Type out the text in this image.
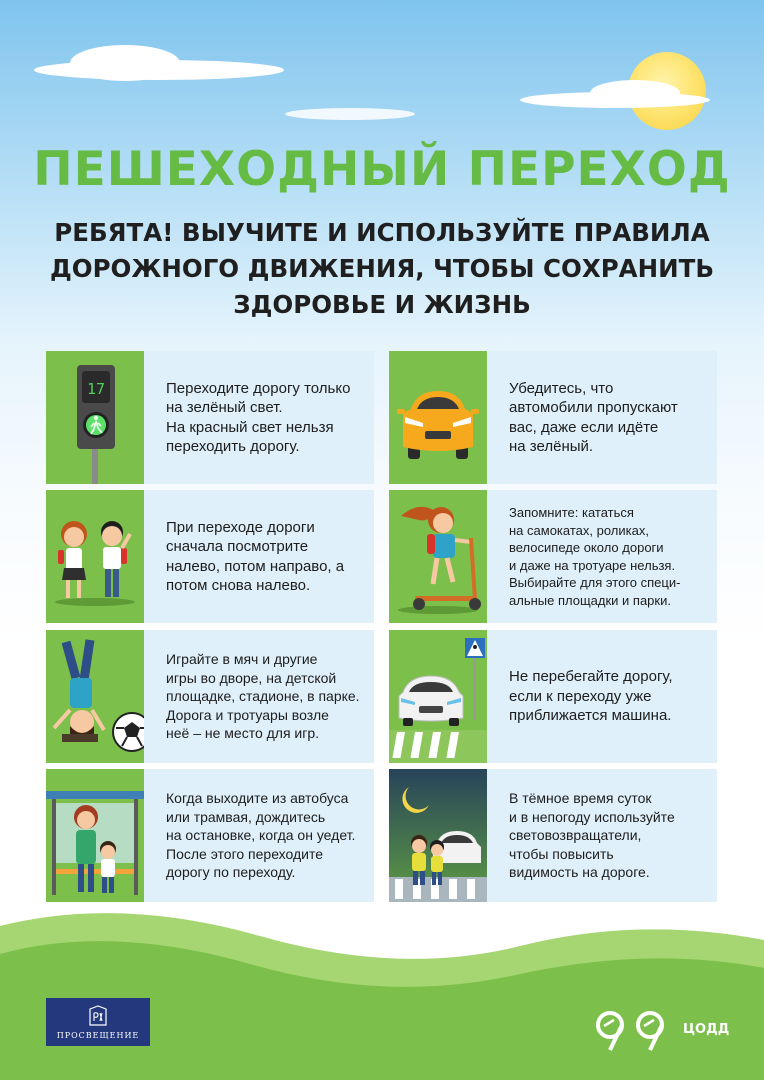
ПЕШЕХОДНЫЙ ПЕРЕХОД
РЕБЯТА! ВЫУЧИТЕ И ИСПОЛЬЗУЙТЕ ПРАВИЛА
ДОРОЖНОГО ДВИЖЕНИЯ, ЧТОБЫ СОХРАНИТЬ
ЗДОРОВЬЕ И ЖИЗНЬ
17	Переходите дорогу только
на зелёный свет.
На красный свет нельзя
переходить дорогу.
Убедитесь, что
автомобили пропускают
вас, даже если идёте
на зелёный.
При переходе дороги
сначала посмотрите
налево, потом направо, а
потом снова налево.
Запомните: кататься
на самокатах, роликах,
велосипеде около дороги
и даже на тротуаре нельзя.
Выбирайте для этого специ-
альные площадки и парки.
Играйте в мяч и другие
игры во дворе, на детской
площадке, стадионе, в парке.
Дорога и тротуары возле
неё – не место для игр.
Не перебегайте дорогу,
если к переходу уже
приближается машина.
Когда выходите из автобуса
или трамвая, дождитесь
на остановке, когда он уедет.
После этого переходите
дорогу по переходу.
В тёмное время суток
и в непогоду используйте
световозвращатели,
чтобы повысить
видимость на дороге.
ПРОСВЕЩЕНИЕ	ЦОДД
